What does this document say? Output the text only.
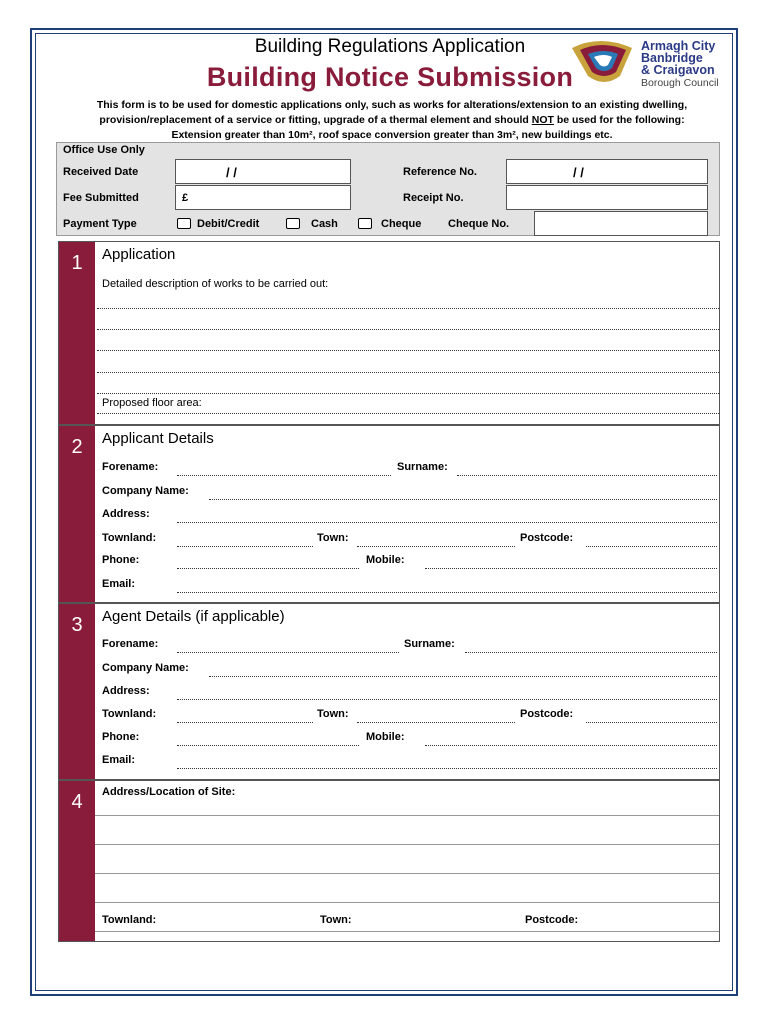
Building Regulations Application
Building Notice Submission
Armagh City
Banbridge
& Craigavon
Borough Council
This form is to be used for domestic applications only, such as works for alterations/extension to an existing dwelling,
provision/replacement of a service or fitting, upgrade of a thermal element and should NOT be used for the following:
Extension greater than 10m², roof space conversion greater than 3m², new buildings etc.
Office Use Only
Received Date	/ /	Reference No.	/ /
Fee Submitted	£	Receipt No.
Payment Type	Debit/Credit	Cash	Cheque Cheque No.
1	Application
Detailed description of works to be carried out:
Proposed floor area:
2	Applicant Details
Forename:	Surname:
Company Name:
Address:
Townland:	Town:	Postcode:
Phone:	Mobile:
Email:
3	Agent Details (if applicable)
Forename:	Surname:
Company Name:
Address:
Townland:	Town:	Postcode:
Phone:	Mobile:
Email:
4	Address/Location of Site:
Townland:	Town:	Postcode:
